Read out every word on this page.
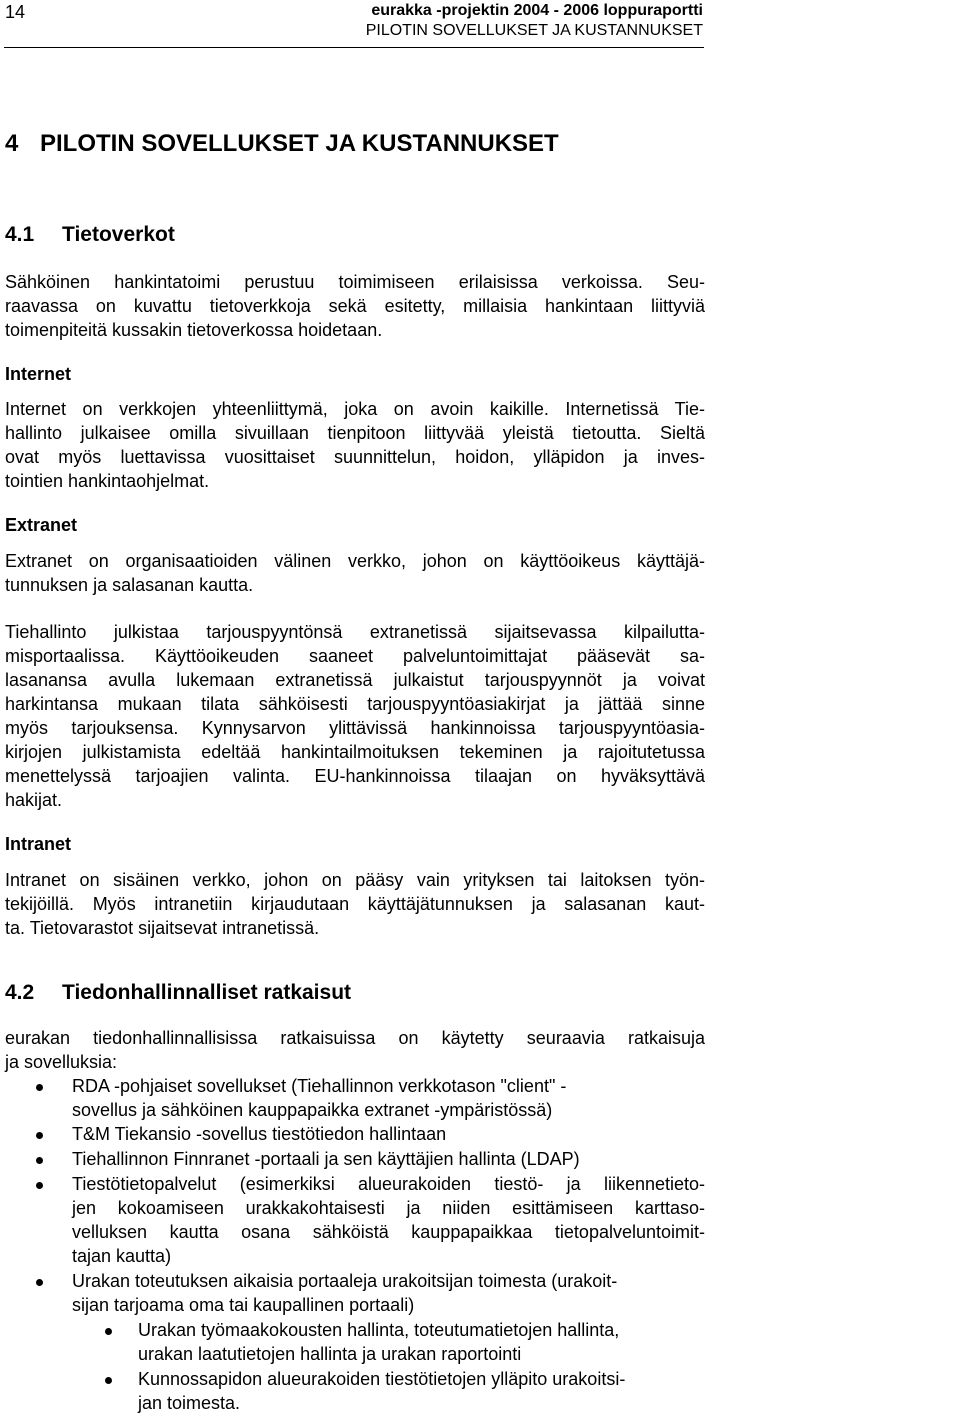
14	eurakka -projektin 2004 - 2006 loppuraportti
PILOTIN SOVELLUKSET JA KUSTANNUKSET
4 PILOTIN SOVELLUKSET JA KUSTANNUKSET
4.1 Tietoverkot
Sähköinen hankintatoimi perustuu toimimiseen erilaisissa verkoissa. Seu-
raavassa on kuvattu tietoverkkoja sekä esitetty, millaisia hankintaan liittyviä
toimenpiteitä kussakin tietoverkossa hoidetaan.
Internet
Internet on verkkojen yhteenliittymä, joka on avoin kaikille. Internetissä Tie-
hallinto julkaisee omilla sivuillaan tienpitoon liittyvää yleistä tietoutta. Sieltä
ovat myös luettavissa vuosittaiset suunnittelun, hoidon, ylläpidon ja inves-
tointien hankintaohjelmat.
Extranet
Extranet on organisaatioiden välinen verkko, johon on käyttöoikeus käyttäjä-
tunnuksen ja salasanan kautta.
Tiehallinto julkistaa tarjouspyyntönsä extranetissä sijaitsevassa kilpailutta-
misportaalissa. Käyttöoikeuden saaneet palveluntoimittajat pääsevät sa-
lasanansa avulla lukemaan extranetissä julkaistut tarjouspyynnöt ja voivat
harkintansa mukaan tilata sähköisesti tarjouspyyntöasiakirjat ja jättää sinne
myös tarjouksensa. Kynnysarvon ylittävissä hankinnoissa tarjouspyyntöasia-
kirjojen julkistamista edeltää hankintailmoituksen tekeminen ja rajoitutetussa
menettelyssä tarjoajien valinta. EU-hankinnoissa tilaajan on hyväksyttävä
hakijat.
Intranet
Intranet on sisäinen verkko, johon on pääsy vain yrityksen tai laitoksen työn-
tekijöillä. Myös intranetiin kirjaudutaan käyttäjätunnuksen ja salasanan kaut-
ta. Tietovarastot sijaitsevat intranetissä.
4.2 Tiedonhallinnalliset ratkaisut
eurakan tiedonhallinnallisissa ratkaisuissa on käytetty seuraavia ratkaisuja
ja sovelluksia:
RDA -pohjaiset sovellukset (Tiehallinnon verkkotason "client" -
sovellus ja sähköinen kauppapaikka extranet -ympäristössä)
T&M Tiekansio -sovellus tiestötiedon hallintaan
Tiehallinnon Finnranet -portaali ja sen käyttäjien hallinta (LDAP)
Tiestötietopalvelut (esimerkiksi alueurakoiden tiestö- ja liikennetieto-
jen kokoamiseen urakkakohtaisesti ja niiden esittämiseen karttaso-
velluksen kautta osana sähköistä kauppapaikkaa tietopalveluntoimit-
tajan kautta)
Urakan toteutuksen aikaisia portaaleja urakoitsijan toimesta (urakoit-
sijan tarjoama oma tai kaupallinen portaali)
Urakan työmaakokousten hallinta, toteutumatietojen hallinta,
urakan laatutietojen hallinta ja urakan raportointi
Kunnossapidon alueurakoiden tiestötietojen ylläpito urakoitsi-
jan toimesta.
